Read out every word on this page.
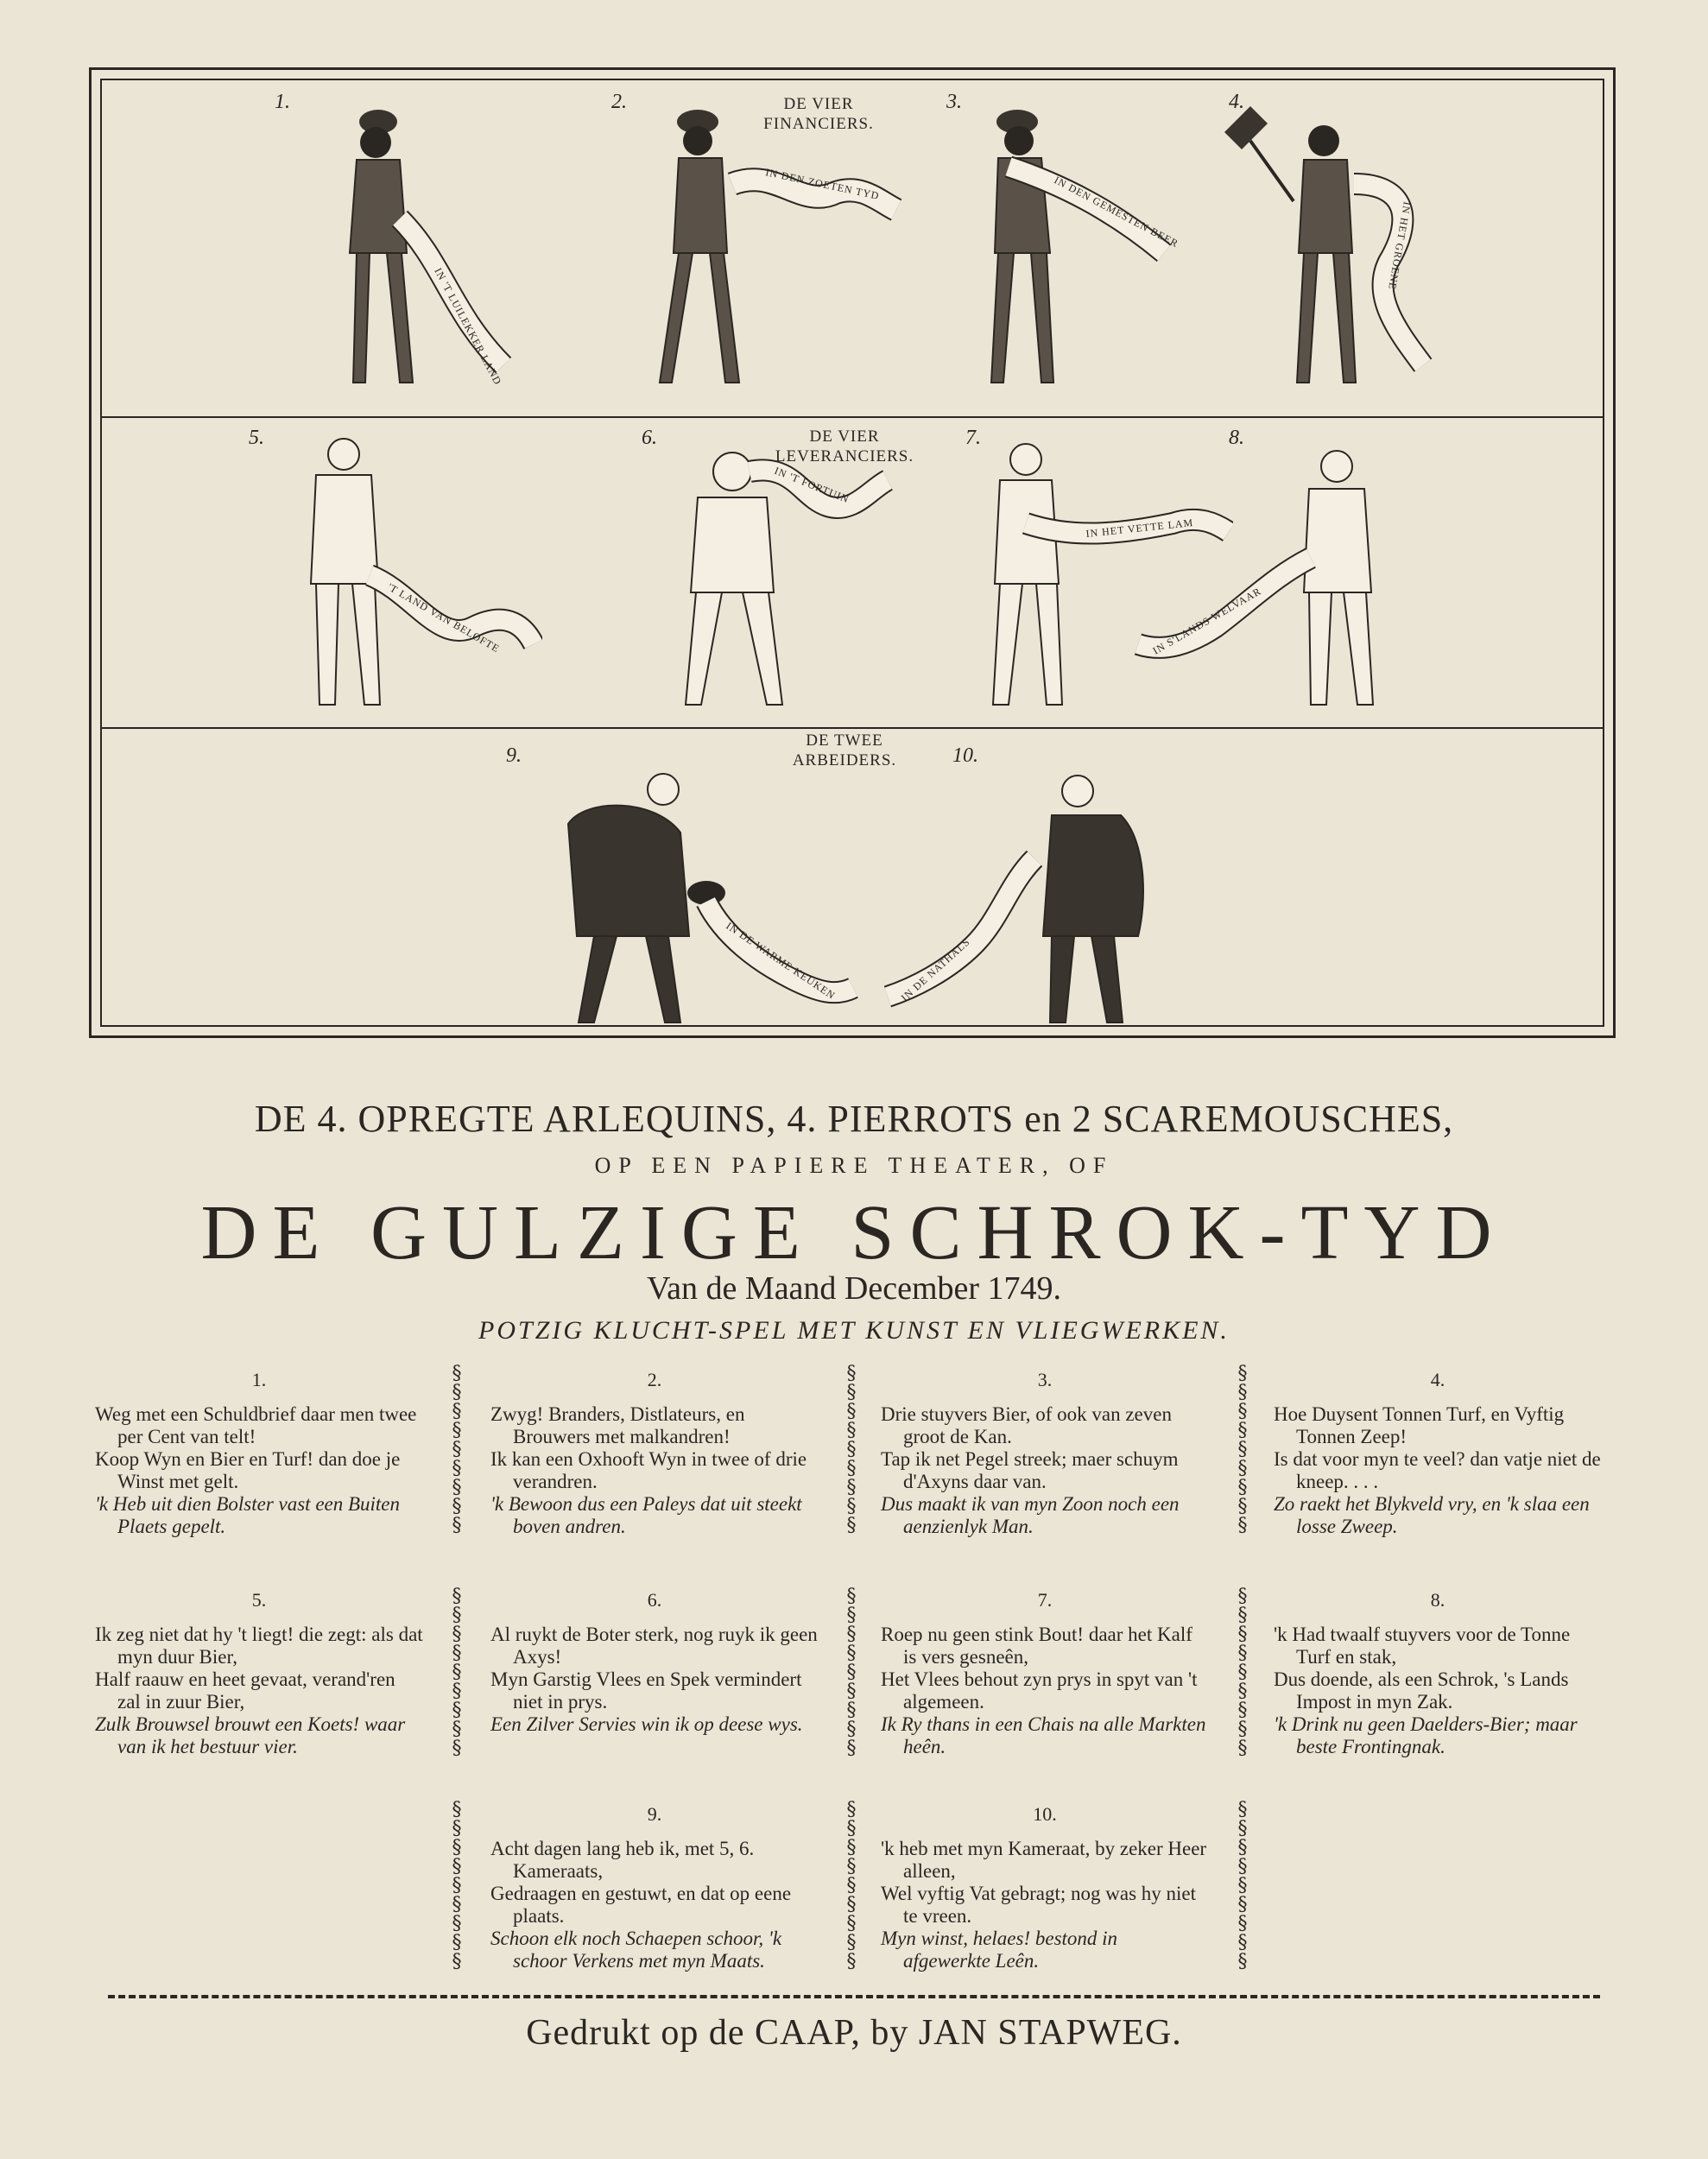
DE VIER
FINANCIERS.
1.
IN 'T LUILEKKER LAND
2.
IN DEN ZOETEN TYD
3.
IN DEN GEMESTEN BEER
4.
IN HET GROENE
DE VIER
LEVERANCIERS.
5.
'T LAND VAN BELOFTE
6.
IN 'T FORTUIN
7.
IN HET VETTE LAM
8.
IN S'LANDS WELVAAR
DE TWEE
ARBEIDERS.
9.
IN DE WARME KEUKEN
10.
IN DE NATHALS
DE 4. OPREGTE ARLEQUINS, 4. PIERROTS en 2 SCAREMOUSCHES,
OP EEN PAPIERE THEATER, OF
DE GULZIGE SCHROK-TYD
Van de Maand December 1749.
POTZIG KLUCHT-SPEL MET KUNST EN VLIEGWERKEN.
1.

Weg met een Schuldbrief daar men twee per Cent van telt!

Koop Wyn en Bier en Turf! dan doe je Winst met gelt.

'k Heb uit dien Bolster vast een Buiten Plaets gepelt.

2.

Zwyg! Branders, Distlateurs, en Brouwers met malkandren!

Ik kan een Oxhooft Wyn in twee of drie verandren.

'k Bewoon dus een Paleys dat uit steekt boven andren.

3.

Drie stuyvers Bier, of ook van zeven groot de Kan.

Tap ik net Pegel streek; maer schuym d'Axyns daar van.

Dus maakt ik van myn Zoon noch een aenzienlyk Man.

4.

Hoe Duysent Tonnen Turf, en Vyftig Tonnen Zeep!

Is dat voor myn te veel? dan vatje niet de kneep. . . .

Zo raekt het Blykveld vry, en 'k slaa een losse Zweep.

5.

Ik zeg niet dat hy 't liegt! die zegt: als dat myn duur Bier,

Half raauw en heet gevaat, verand'ren zal in zuur Bier,

Zulk Brouwsel brouwt een Koets! waar van ik het bestuur vier.

6.

Al ruykt de Boter sterk, nog ruyk ik geen Axys!

Myn Garstig Vlees en Spek vermindert niet in prys.

Een Zilver Servies win ik op deese wys.

7.

Roep nu geen stink Bout! daar het Kalf is vers gesneên,

Het Vlees behout zyn prys in spyt van 't algemeen.

Ik Ry thans in een Chais na alle Markten heên.

8.

'k Had twaalf stuyvers voor de Tonne Turf en stak,

Dus doende, als een Schrok, 's Lands Impost in myn Zak.

'k Drink nu geen Daelders-Bier; maar beste Frontingnak.

9.

Acht dagen lang heb ik, met 5, 6. Kameraats,

Gedraagen en gestuwt, en dat op eene plaats.

Schoon elk noch Schaepen schoor, 'k schoor Verkens met myn Maats.

10.

'k heb met myn Kameraat, by zeker Heer alleen,

Wel vyftig Vat gebragt; nog was hy niet te vreen.

Myn winst, helaes! bestond in afgewerkte Leên.

§
§
§
§
§
§
§
§
§
§
§
§
§
§
§
§
§
§
§
§
§
§
§
§
§
§
§
§
§
§
§
§
§
§
§
§
§
§
§
§
§
§
§
§
§
§
§
§
§
§
§
§
§
§
§
§
§
§
§
§
§
§
§
§
§
§
§
§
§
§
§
§
§
§
§
§
§
§
§
§
§
Gedrukt op de CAAP, by JAN STAPWEG.
